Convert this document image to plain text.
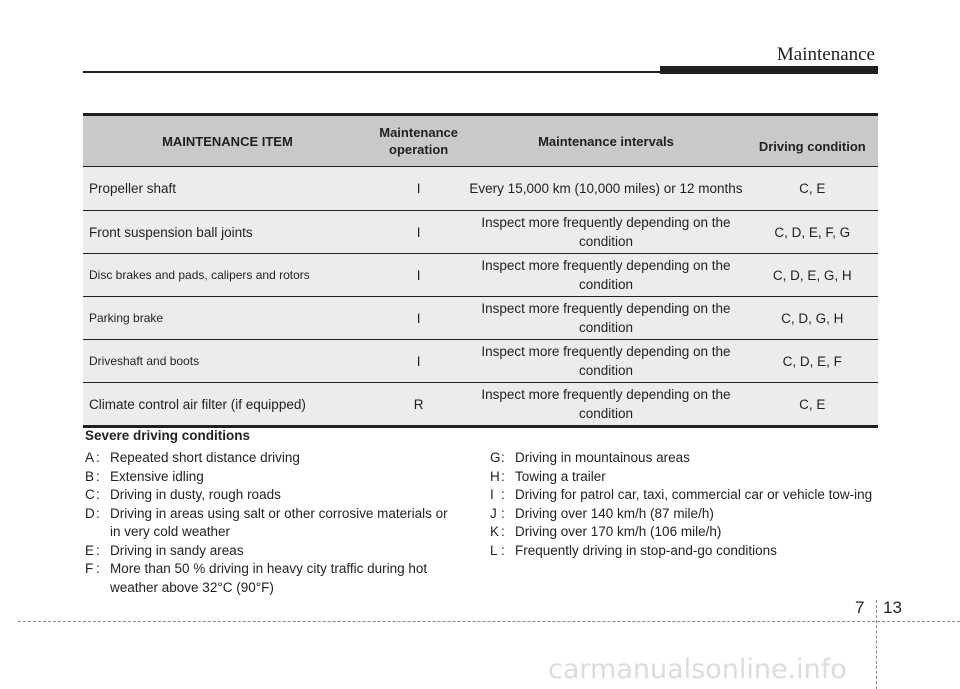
Maintenance
MAINTENANCE ITEM	Maintenance operation	Maintenance intervals	Driving condition
Propeller shaft	I	Every 15,000 km (10,000 miles) or 12 months	C, E
Front suspension ball joints	I	Inspect more frequently depending on the condition	C, D, E, F, G
Disc brakes and pads, calipers and rotors	I	Inspect more frequently depending on the condition	C, D, E, G, H
Parking brake	I	Inspect more frequently depending on the condition	C, D, G, H
Driveshaft and boots	I	Inspect more frequently depending on the condition	C, D, E, F
Climate control air filter (if equipped)	R	Inspect more frequently depending on the condition	C, E
Severe driving conditions
A : Repeated short distance driving
B : Extensive idling
C : Driving in dusty, rough roads
D : Driving in areas using salt or other corrosive materials or in very cold weather
E : Driving in sandy areas
F : More than 50 % driving in heavy city traffic during hot weather above 32°C (90°F)
G : Driving in mountainous areas
H : Towing a trailer
I : Driving for patrol car, taxi, commercial car or vehicle tow-ing
J : Driving over 140 km/h (87 mile/h)
K : Driving over 170 km/h (106 mile/h)
L : Frequently driving in stop-and-go conditions
7 13
carmanualsonline.info
